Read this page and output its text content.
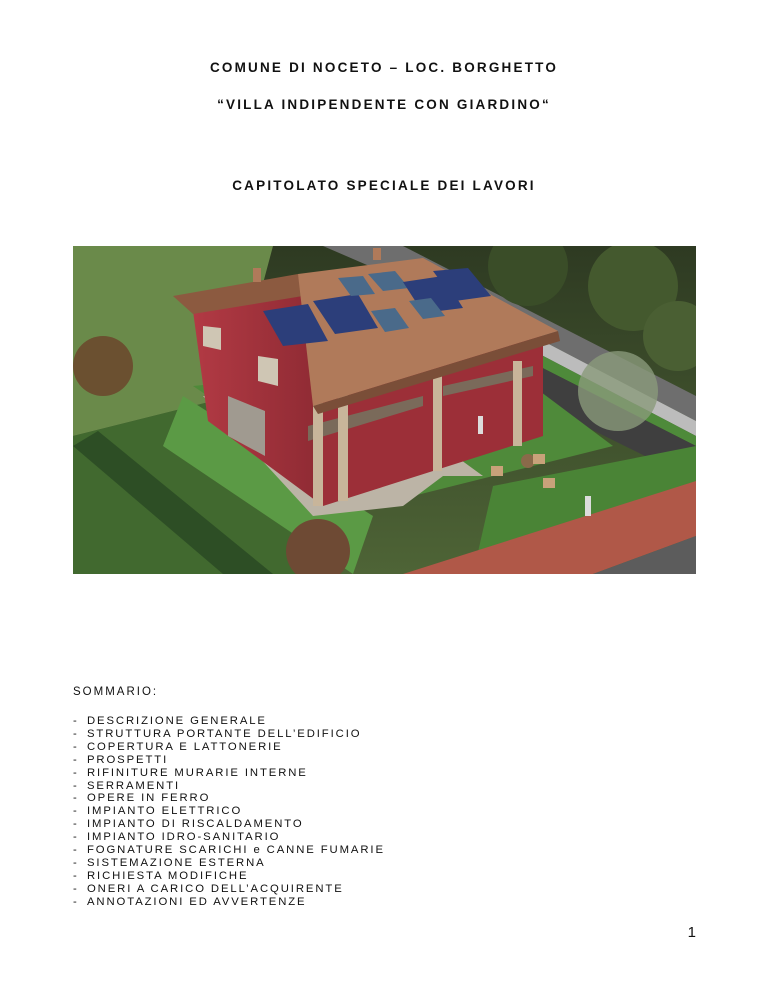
COMUNE DI NOCETO – LOC. BORGHETTO
“VILLA INDIPENDENTE CON GIARDINO“
CAPITOLATO SPECIALE DEI LAVORI

SOMMARIO:

- DESCRIZIONE GENERALE
- STRUTTURA PORTANTE DELL’EDIFICIO
- COPERTURA E LATTONERIE
- PROSPETTI
- RIFINITURE MURARIE INTERNE
- SERRAMENTI
- OPERE IN FERRO
- IMPIANTO ELETTRICO
- IMPIANTO DI RISCALDAMENTO
- IMPIANTO IDRO-SANITARIO
- FOGNATURE SCARICHI e CANNE FUMARIE
- SISTEMAZIONE ESTERNA
- RICHIESTA MODIFICHE
- ONERI A CARICO DELL’ACQUIRENTE
- ANNOTAZIONI ED AVVERTENZE

1
